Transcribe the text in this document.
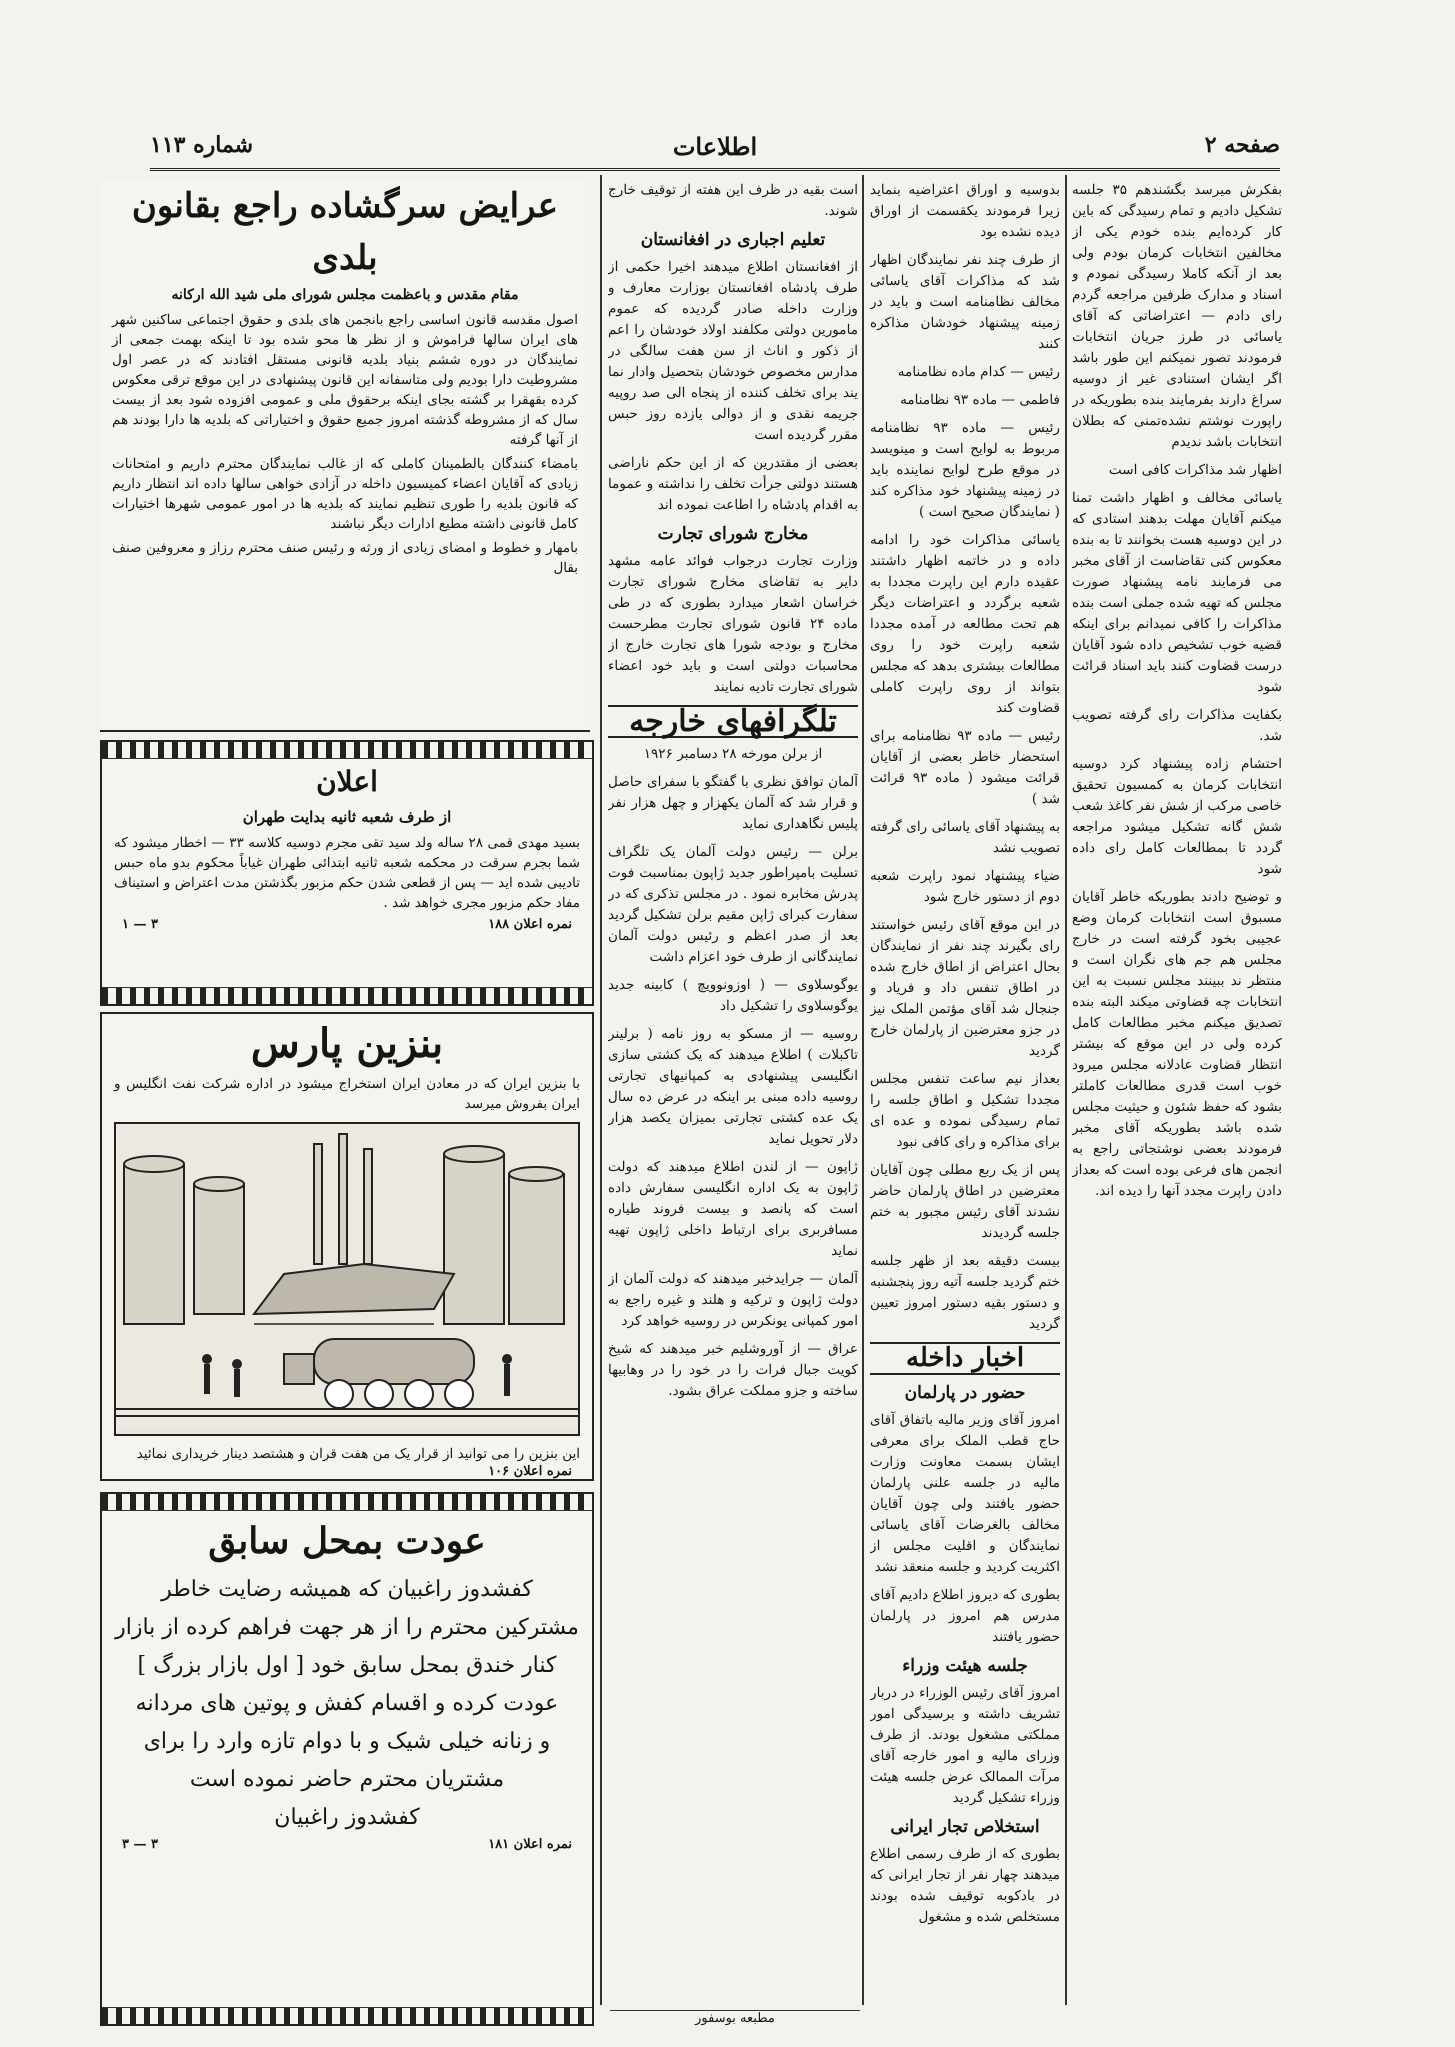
صفحه ۲
اطلاعات
شماره ۱۱۳

بفکرش میرسد بگشندهم ۳۵ جلسه تشکیل دادیم و تمام رسیدگی که باین کار کرده‌ایم بنده خودم یکی از مخالفین انتخابات کرمان بودم ولی بعد از آنکه کاملا رسیدگی نمودم و اسناد و مدارک طرفین مراجعه گردم رای دادم — اعتراضاتی که آقای یاسائی در طرز جریان انتخابات فرمودند تصور نمیکنم این طور باشد اگر ایشان استنادی غیر از دوسیه سراغ دارند بفرمایند بنده بطوریکه در راپورت نوشتم نشده‌تمنی که بطلان انتخابات باشد ندیدم

اظهار شد مذاکرات کافی است

یاسائی مخالف و اظهار داشت تمنا میکنم آقایان مهلت بدهند استادی که در این دوسیه هست بخوانند تا به بنده معکوس کنی تقاضاست از آقای مخبر می فرمایند نامه پیشنهاد صورت مجلس که تهیه شده جملی است بنده مذاکرات را کافی نمیدانم برای اینکه قضیه خوب تشخیص داده شود آقایان درست قضاوت کنند باید اسناد قرائت شود

بکفایت مذاکرات رای گرفته تصویب شد.

احتشام زاده پیشنهاد کرد دوسیه انتخابات کرمان به کمسیون تحقیق خاصی مرکب از شش نفر کاغذ شعب شش گانه تشکیل میشود مراجعه گردد تا بمطالعات کامل رای داده شود

و توضیح دادند بطوریکه خاطر آقایان مسبوق است انتخابات کرمان وضع عجیبی بخود گرفته است در خارج مجلس هم جم های نگران است و منتظر ند ببینند مجلس نسبت به این انتخابات چه قضاوتی میکند البته بنده تصدیق میکنم مخبر مطالعات کامل کرده ولی در این موقع که بیشتر انتظار قضاوت عادلانه مجلس میرود خوب است قدری مطالعات کاملتر بشود که حفظ شئون و حیثیت مجلس شده باشد بطوریکه آقای مخبر فرمودند بعضی نوشتجاتی راجع به انجمن های فرعی بوده است که بعداز دادن راپرت مجدد آنها را دیده اند.

بدوسیه و اوراق اعتراضیه بنماید زیرا فرمودند یکقسمت از اوراق دیده نشده بود

از طرف چند نفر نمایندگان اظهار شد که مذاکرات آقای یاسائی مخالف نظامنامه است و باید در زمینه پیشنهاد خودشان مذاکره کنند

رئیس — کدام ماده نظامنامه

فاطمی — ماده ۹۳ نظامنامه

رئیس — ماده ۹۳ نظامنامه مربوط به لوایح است و مینویسد در موقع طرح لوایح نماینده باید در زمینه پیشنهاد خود مذاکره کند ( نمایندگان صحیح است )

یاسائی مذاکرات خود را ادامه داده و در خاتمه اظهار داشتند عقیده دارم این راپرت مجددا به شعبه برگردد و اعتراضات دیگر هم تحت مطالعه در آمده مجددا شعبه راپرت خود را روی مطالعات بیشتری بدهد که مجلس بتواند از روی راپرت کاملی قضاوت کند

رئیس — ماده ۹۳ نظامنامه برای استحضار خاطر بعضی از آقایان قرائت میشود ( ماده ۹۳ قرائت شد )

به پیشنهاد آقای یاسائی رای گرفته تصویب نشد

ضیاء پیشنهاد نمود راپرت شعبه دوم از دستور خارج شود

در این موقع آقای رئیس خواستند رای بگیرند چند نفر از نمایندگان بحال اعتراض از اطاق خارج شده در اطاق تنفس داد و فریاد و جنجال شد آقای مؤتمن الملک نیز در جزو معترضین از پارلمان خارج گردید

بعداز نیم ساعت تنفس مجلس مجددا تشکیل و اطاق جلسه را تمام رسیدگی نموده و عده ای برای مذاکره و رای کافی نبود

پس از یک ربع مطلی چون آقایان معترضین در اطاق پارلمان حاضر نشدند آقای رئیس مجبور به ختم جلسه گردیدند

بیست دقیقه بعد از ظهر جلسه ختم گردید جلسه آتیه روز پنجشنبه و دستور بقیه دستور امروز تعیین گردید

اخبار داخله
حضور در پارلمان

امروز آقای وزیر مالیه باتفاق آقای حاج قطب الملک برای معرفی ایشان بسمت معاونت وزارت مالیه در جلسه علنی پارلمان حضور یافتند ولی چون آقایان مخالف بالغرضات آقای یاسائی نمایندگان و اقلیت مجلس از اکثریت کردید و جلسه منعقد نشد

بطوری که دیروز اطلاع دادیم آقای مدرس هم امروز در پارلمان حضور یافتند

جلسه هیئت وزراء

امروز آقای رئیس الوزراء در دربار تشریف داشته و برسیدگی امور مملکتی مشغول بودند. از طرف وزرای مالیه و امور خارجه آقای مرآت الممالک عرض جلسه هیئت وزراء تشکیل گردید

استخلاص تجار ایرانی

بطوری که از طرف رسمی اطلاع میدهند چهار نفر از تجار ایرانی که در بادکوبه توقیف شده بودند مستخلص شده و مشغول

است بقیه در ظرف این هفته از توقیف خارج شوند.

تعلیم اجباری در افغانستان

از افغانستان اطلاع میدهند اخیرا حکمی از طرف پادشاه افغانستان بوزارت معارف و وزارت داخله صادر گردیده که عموم مامورین دولتی مکلفند اولاد خودشان را اعم از ذکور و اناث از سن هفت سالگی در مدارس مخصوص خودشان بتحصیل وادار نما یند برای تخلف کننده از پنجاه الی صد روپیه جریمه نقدی و از دوالی یازده روز حبس مقرر گردیده است

بعضی از مقتدرین که از این حکم ناراضی هستند دولتی جرأت تخلف را نداشته و عموما به اقدام پادشاه را اطاعت نموده اند

مخارج شورای تجارت

وزارت تجارت درجواب فوائد عامه مشهد دایر به تقاضای مخارج شورای تجارت خراسان اشعار میدارد بطوری که در طی ماده ۲۴ قانون شورای تجارت مطرحست مخارج و بودجه شورا های تجارت خارج از محاسبات دولتی است و باید خود اعضاء شورای تجارت تادیه نمایند

تلگرافهای خارجه

از برلن مورخه ۲۸ دسامبر ۱۹۲۶

آلمان توافق نظری با گفتگو با سفرای حاصل و قرار شد که آلمان یکهزار و چهل هزار نفر پلیس نگاهداری نماید

برلن — رئیس دولت آلمان یک تلگراف تسلیت بامپراطور جدید ژاپون بمناسبت فوت پدرش مخابره نمود . در مجلس تذکری که در سفارت کبرای ژاپن مقیم برلن تشکیل گردید بعد از صدر اعظم و رئیس دولت آلمان نمایندگانی از طرف خود اعزام داشت

یوگوسلاوی — ( اوزونوویچ ) کابینه جدید یوگوسلاوی را تشکیل داد

روسیه — از مسکو به روز نامه ( برلینر تاکبلات ) اطلاع میدهند که یک کشتی سازی انگلیسی پیشنهادی به کمپانیهای تجارتی روسیه داده مبنی بر اینکه در عرض ده سال یک عده کشتی تجارتی بمیزان یکصد هزار دلار تحویل نماید

ژاپون — از لندن اطلاع میدهند که دولت ژاپون به یک اداره انگلیسی سفارش داده است که پانصد و بیست فروند طیاره مسافربری برای ارتباط داخلی ژاپون تهیه نماید

آلمان — جرایدخبر میدهند که دولت آلمان از دولت ژاپون و ترکیه و هلند و غیره راجع به امور کمپانی یونکرس در روسیه خواهد کرد

عراق — از آوروشلیم خبر میدهند که شیخ کویت جبال فرات را در خود را در وهابیها ساخته و جزو مملکت عراق بشود.

مطبعه بوسفور
عرایض سرگشاده راجع بقانون بلدی
مقام مقدس و باعظمت مجلس شورای ملی شید الله ارکانه

اصول مقدسه قانون اساسی راجع بانجمن های بلدی و حقوق اجتماعی ساکنین شهر های ایران سالها فراموش و از نظر ها محو شده بود تا اینکه بهمت جمعی از نمایندگان در دوره ششم بنیاد بلدیه قانونی مستقل افتادند که در عصر اول مشروطیت دارا بودیم ولی متاسفانه این قانون پیشنهادی در این موقع ترقی معکوس کرده بقهقرا بر گشته بجای اینکه برحقوق ملی و عمومی افزوده شود بعد از بیست سال که از مشروطه گذشته امروز جمیع حقوق و اختیاراتی که بلدیه ها دارا بودند هم از آنها گرفته

بامضاء کنندگان بالطمینان کاملی که از غالب نمایندگان محترم داریم و امتحانات زیادی که آقایان اعضاء کمیسیون داخله در آزادی خواهی سالها داده اند انتظار داریم که قانون بلدیه را طوری تنظیم نمایند که بلدیه ها در امور عمومی شهرها اختیارات کامل قانونی داشته مطیع ادارات دیگر نباشند

بامهار و خطوط و امضای زیادی از ورثه و رئیس صنف محترم رزاز و معروفین صنف بقال

اعلان
از طرف شعبه ثانیه بدایت طهران

بسید مهدی قمی ۲۸ ساله ولد سید تقی مجرم دوسیه کلاسه ۳۳ — اخطار میشود که شما بجرم سرقت در محکمه شعبه ثانیه ابتدائی طهران غیاباً محکوم بدو ماه حبس تادیبی شده اید — پس از قطعی شدن حکم مزبور بگذشتن مدت اعتراض و استیناف مفاد حکم مزبور مجری خواهد شد .

نمره اعلان ۱۸۸
۳ — ۱
بنزین پارس

با بنزین ایران که در معادن ایران استخراج میشود در اداره شرکت نفت انگلیس و ایران بفروش میرسد

این بنزین را می توانید از قرار یک من هفت قران و هشتصد دینار خریداری نمائید

نمره اعلان ۱۰۶
عودت بمحل سابق
کفشدوز راغبیان که همیشه رضایت خاطر
مشترکین محترم را از هر جهت فراهم کرده از بازار
کنار خندق بمحل سابق خود [ اول بازار بزرگ ]
عودت کرده و اقسام کفش و پوتین های مردانه
و زنانه خیلی شیک و با دوام تازه وارد را برای
مشتریان محترم حاضر نموده است
کفشدوز راغبیان
نمره اعلان ۱۸۱
۳ — ۳
